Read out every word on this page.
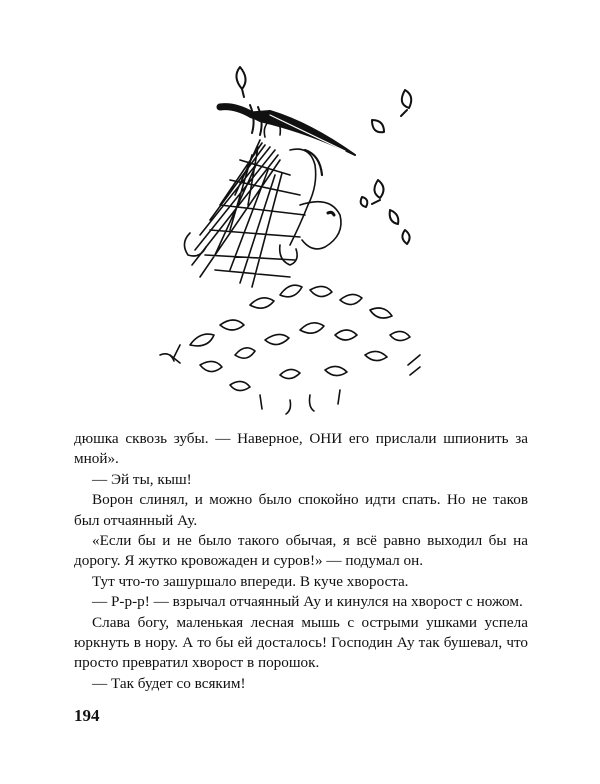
дюшка сквозь зубы. — Наверное, ОНИ его прислали шпионить за мной».

— Эй ты, кыш!

Ворон слинял, и можно было спокойно идти спать. Но не таков был отчаянный Ау.

«Если бы и не было такого обычая, я всё равно выходил бы на дорогу. Я жутко кровожаден и суров!» — подумал он.

Тут что-то зашуршало впереди. В куче хворостa.

— Р-р-р! — взрычал отчаянный Ау и кинулся на хворост с ножом.

Слава богу, маленькая лесная мышь с острыми ушками успела юркнуть в нору. А то бы ей досталось! Господин Ау так бушевал, что просто превратил хворост в порошок.

— Так будет со всяким!

194
